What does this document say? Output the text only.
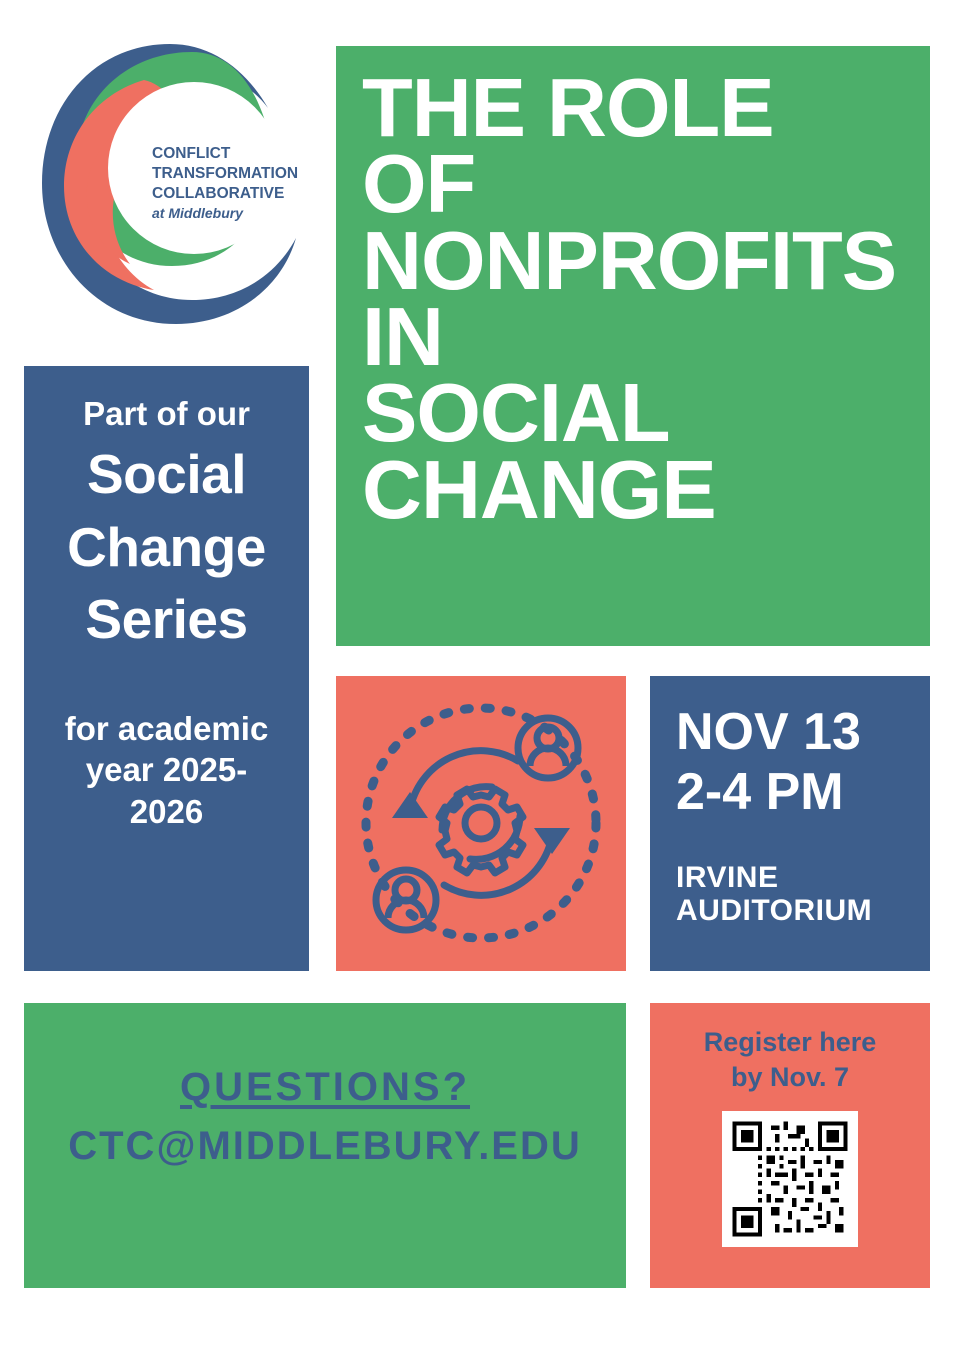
CONFLICT
TRANSFORMATION
COLLABORATIVE
at Middlebury
THE ROLE
OF
NONPROFITS
IN
SOCIAL
CHANGE
Part of our
Social
Change
Series
for academic
year 2025-
2026
NOV 13
2-4 PM
IRVINE
AUDITORIUM
QUESTIONS?
CTC@MIDDLEBURY.EDU
Register here
by Nov. 7
